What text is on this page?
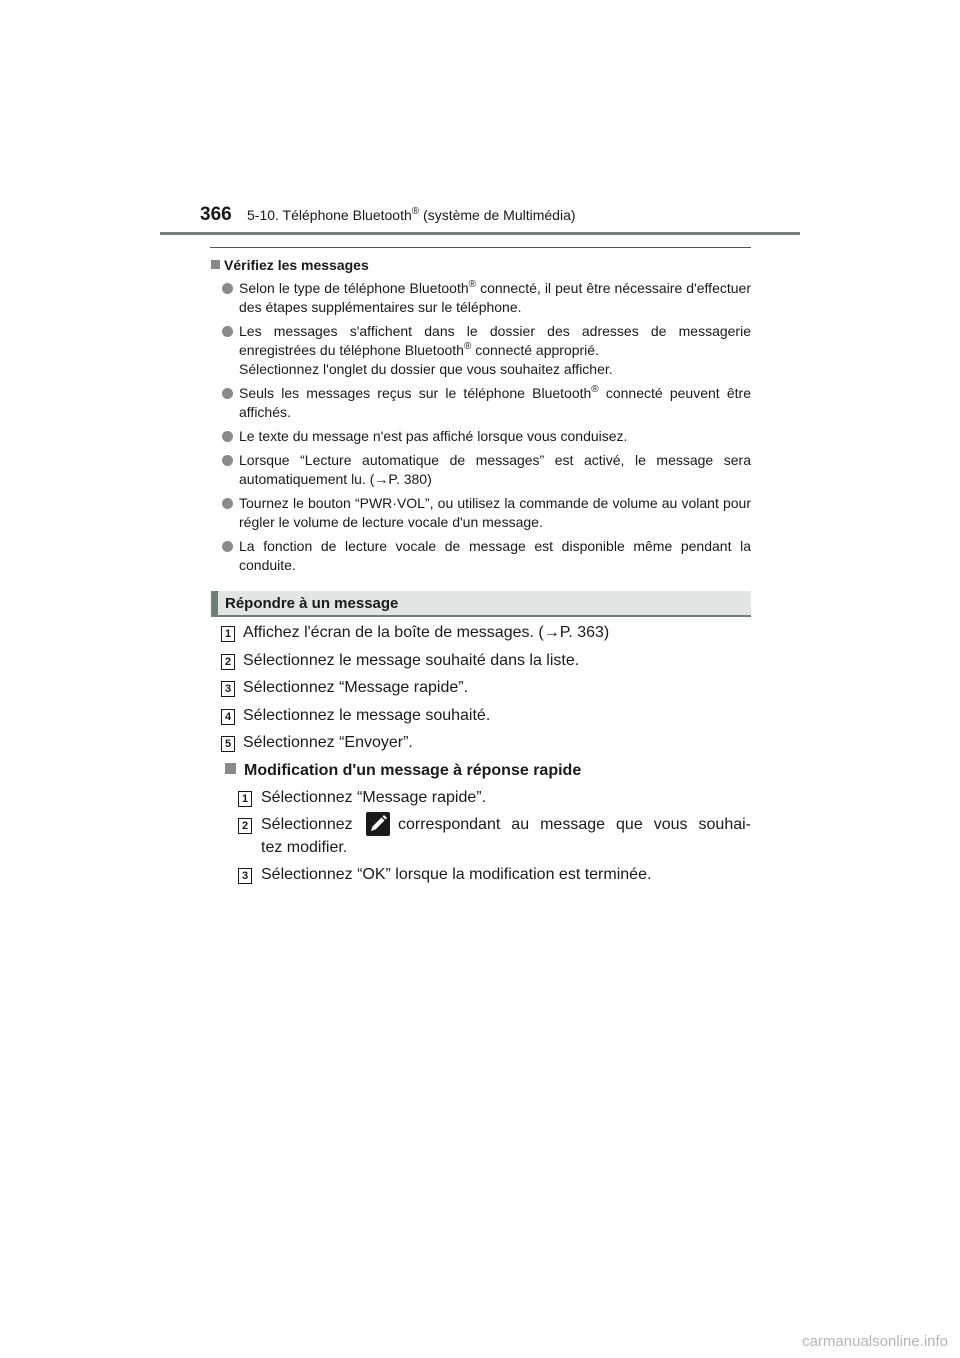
366 5-10. Téléphone Bluetooth® (système de Multimédia)
Vérifiez les messages
Selon le type de téléphone Bluetooth® connecté, il peut être nécessaire d'effectuer des étapes supplémentaires sur le téléphone.
Les messages s'affichent dans le dossier des adresses de messagerie enregistrées du téléphone Bluetooth® connecté approprié.
Sélectionnez l'onglet du dossier que vous souhaitez afficher.
Seuls les messages reçus sur le téléphone Bluetooth® connecté peuvent être affichés.
Le texte du message n'est pas affiché lorsque vous conduisez.
Lorsque “Lecture automatique de messages” est activé, le message sera automatiquement lu. (→P. 380)
Tournez le bouton “PWR·VOL”, ou utilisez la commande de volume au volant pour régler le volume de lecture vocale d'un message.
La fonction de lecture vocale de message est disponible même pendant la conduite.
Répondre à un message
1 Affichez l'écran de la boîte de messages. (→P. 363)
2 Sélectionnez le message souhaité dans la liste.
3 Sélectionnez “Message rapide”.
4 Sélectionnez le message souhaité.
5 Sélectionnez “Envoyer”.
Modification d'un message à réponse rapide
1 Sélectionnez “Message rapide”.
2 Sélectionnez	correspondant au message que vous souhai-
tez modifier.
3 Sélectionnez “OK” lorsque la modification est terminée.
carmanualsonline.info
